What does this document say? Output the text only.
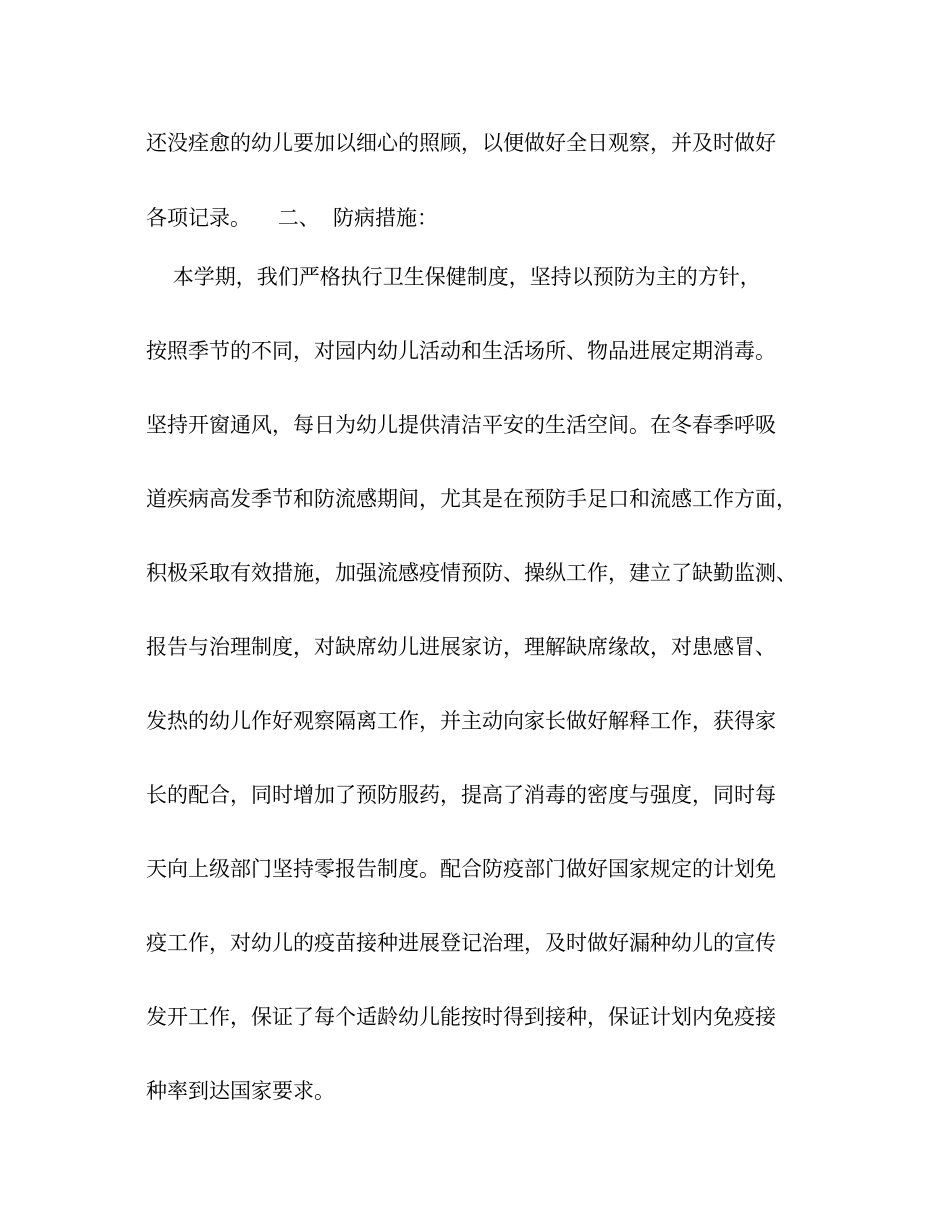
还没痊愈的幼儿要加以细心的照顾，以便做好全日观察，并及时做好

各项记录。    二、  防病措施：

本学期，我们严格执行卫生保健制度，坚持以预防为主的方针，

按照季节的不同，对园内幼儿活动和生活场所、物品进展定期消毒。

坚持开窗通风，每日为幼儿提供清洁平安的生活空间。在冬春季呼吸

道疾病高发季节和防流感期间，尤其是在预防手足口和流感工作方面，

积极采取有效措施，加强流感疫情预防、操纵工作，建立了缺勤监测、

报告与治理制度，对缺席幼儿进展家访，理解缺席缘故，对患感冒、

发热的幼儿作好观察隔离工作，并主动向家长做好解释工作，获得家

长的配合，同时增加了预防服药，提高了消毒的密度与强度，同时每

天向上级部门坚持零报告制度。配合防疫部门做好国家规定的计划免

疫工作，对幼儿的疫苗接种进展登记治理，及时做好漏种幼儿的宣传

发开工作，保证了每个适龄幼儿能按时得到接种，保证计划内免疫接

种率到达国家要求。
